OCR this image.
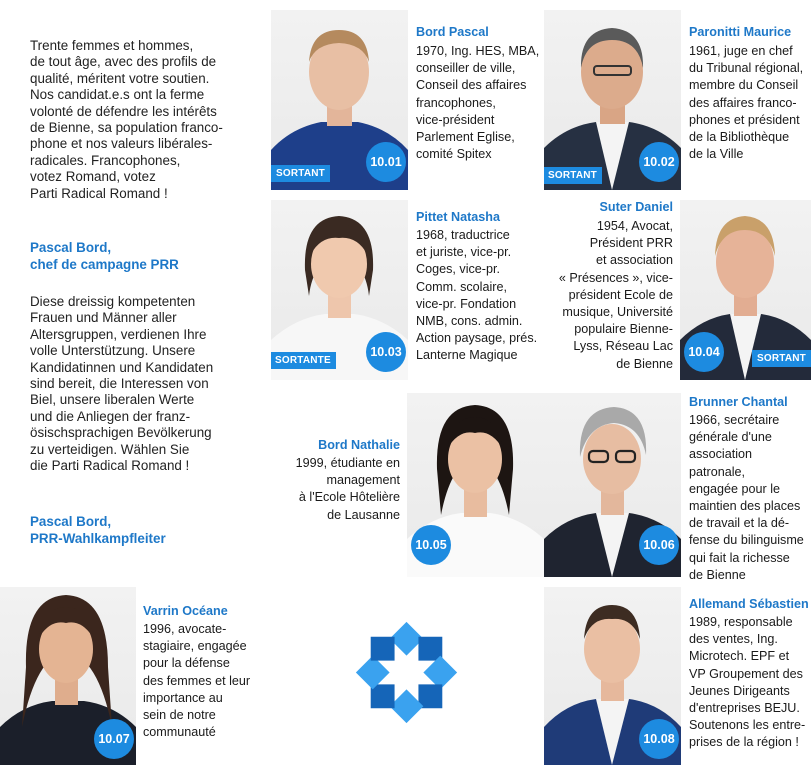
Trente femmes et hommes,
de tout âge, avec des profils de
qualité, méritent votre soutien.
Nos candidat.e.s ont la ferme
volonté de défendre les intérêts
de Bienne, sa population franco-
phone et nos valeurs libérales-
radicales. Francophones,
votez Romand, votez
Parti Radical Romand !
Pascal Bord,
chef de campagne PRR
Diese dreissig kompetenten
Frauen und Männer aller
Altersgruppen, verdienen Ihre
volle Unterstützung. Unsere
Kandidatinnen und Kandidaten
sind bereit, die Interessen von
Biel, unsere liberalen Werte
und die Anliegen der franz-
ösischsprachigen Bevölkerung
zu verteidigen. Wählen Sie
die Parti Radical Romand !
Pascal Bord,
PRR-Wahlkampfleiter
SORTANT
10.01
Bord Pascal
1970, Ing. HES, MBA,
conseiller de ville,
Conseil des affaires
francophones,
vice-président
Parlement Eglise,
comité Spitex
SORTANT
10.02
Paronitti Maurice
1961, juge en chef
du Tribunal régional,
membre du Conseil
des affaires franco-
phones et président
de la Bibliothèque
de la Ville
SORTANTE
10.03
Pittet Natasha
1968, traductrice
et juriste, vice-pr.
Coges, vice-pr.
Comm. scolaire,
vice-pr. Fondation
NMB, cons. admin.
Action paysage, prés.
Lanterne Magique
Suter Daniel
1954, Avocat,
Président PRR
et association
« Présences », vice-
président Ecole de
musique, Université
populaire Bienne-
Lyss, Réseau Lac
de Bienne
10.04	SORTANT
Bord Nathalie
1999, étudiante en
management
à l'Ecole Hôtelière
de Lausanne
10.05	10.06
Brunner Chantal
1966, secrétaire
générale d'une
association patronale,
engagée pour le
maintien des places
de travail et la dé-
fense du bilinguisme
qui fait la richesse
de Bienne
10.07
Varrin Océane
1996, avocate-
stagiaire, engagée
pour la défense
des femmes et leur
importance au
sein de notre
communauté	10.08
Allemand Sébastien
1989, responsable
des ventes, Ing.
Microtech. EPF et
VP Groupement des
Jeunes Dirigeants
d'entreprises BEJU.
Soutenons les entre-
prises de la région !
